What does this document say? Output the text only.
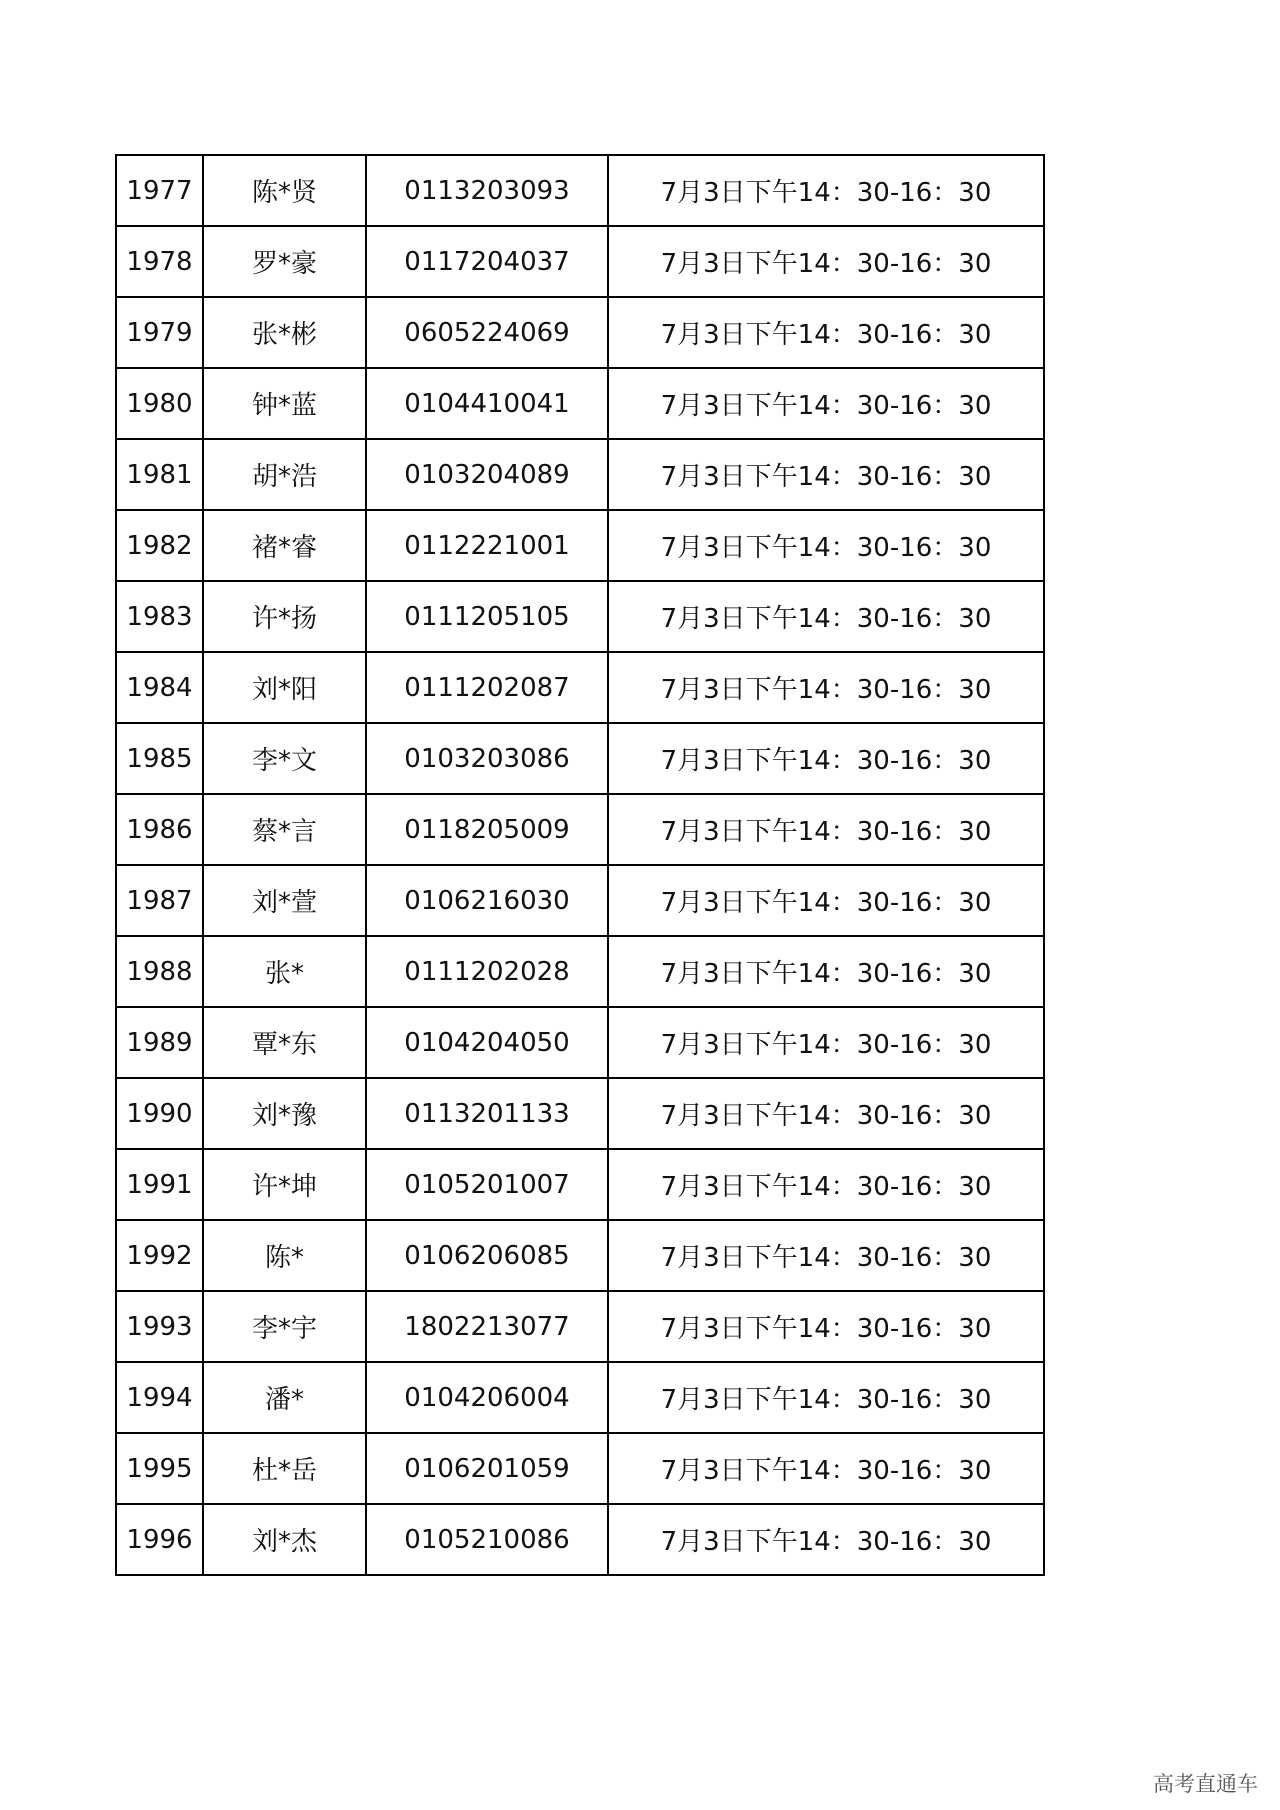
1977	陈*贤	0113203093	7月3日下午14：30-16：30
1978	罗*豪	0117204037	7月3日下午14：30-16：30
1979	张*彬	0605224069	7月3日下午14：30-16：30
1980	钟*蓝	0104410041	7月3日下午14：30-16：30
1981	胡*浩	0103204089	7月3日下午14：30-16：30
1982	褚*睿	0112221001	7月3日下午14：30-16：30
1983	许*扬	0111205105	7月3日下午14：30-16：30
1984	刘*阳	0111202087	7月3日下午14：30-16：30
1985	李*文	0103203086	7月3日下午14：30-16：30
1986	蔡*言	0118205009	7月3日下午14：30-16：30
1987	刘*萱	0106216030	7月3日下午14：30-16：30
1988	张*	0111202028	7月3日下午14：30-16：30
1989	覃*东	0104204050	7月3日下午14：30-16：30
1990	刘*豫	0113201133	7月3日下午14：30-16：30
1991	许*坤	0105201007	7月3日下午14：30-16：30
1992	陈*	0106206085	7月3日下午14：30-16：30
1993	李*宇	1802213077	7月3日下午14：30-16：30
1994	潘*	0104206004	7月3日下午14：30-16：30
1995	杜*岳	0106201059	7月3日下午14：30-16：30
1996	刘*杰	0105210086	7月3日下午14：30-16：30
高考直通车
